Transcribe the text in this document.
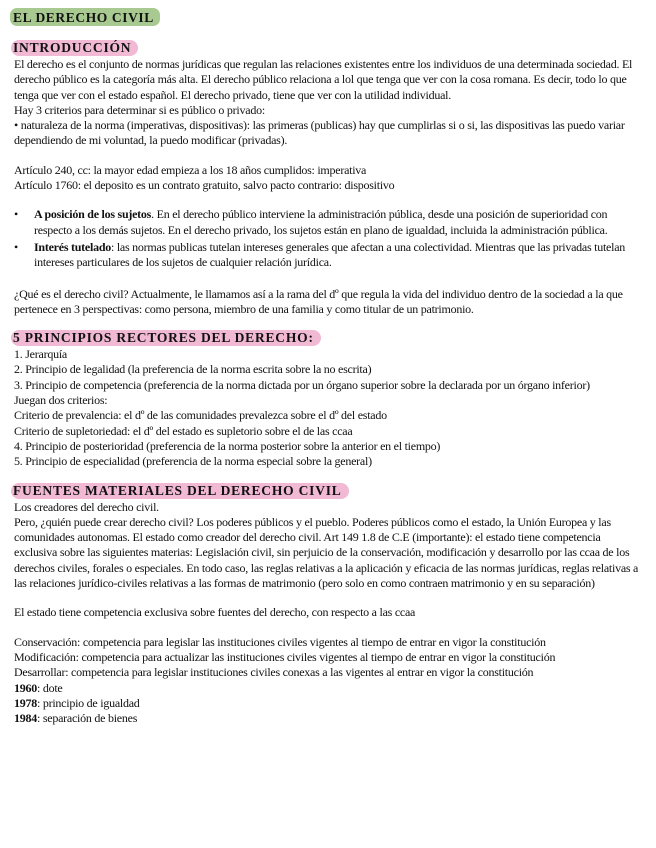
EL DERECHO CIVIL
INTRODUCCIÓN

El derecho es el conjunto de normas jurídicas que regulan las relaciones existentes entre los individuos de una determinada sociedad. El derecho público es la categoría más alta. El derecho público relaciona a lol que tenga que ver con la cosa romana. Es decir, todo lo que tenga que ver con el estado español. El derecho privado, tiene que ver con la utilidad individual.

Hay 3 criterios para determinar si es público o privado:

• naturaleza de la norma (imperativas, dispositivas): las primeras (publicas) hay que cumplirlas si o si, las dispositivas las puedo variar dependiendo de mi voluntad, la puedo modificar (privadas).

Artículo 240, cc: la mayor edad empieza a los 18 años cumplidos: imperativa

Artículo 1760: el deposito es un contrato gratuito, salvo pacto contrario: dispositivo

• A posición de los sujetos. En el derecho público interviene la administración pública, desde una posición de superioridad con respecto a los demás sujetos. En el derecho privado, los sujetos están en plano de igualdad, incluida la administración pública.
• Interés tutelado: las normas publicas tutelan intereses generales que afectan a una colectividad. Mientras que las privadas tutelan intereses particulares de los sujetos de cualquier relación jurídica.

¿Qué es el derecho civil? Actualmente, le llamamos así a la rama del dº que regula la vida del individuo dentro de la sociedad a la que pertenece en 3 perspectivas: como persona, miembro de una familia y como titular de un patrimonio.

5 PRINCIPIOS RECTORES DEL DERECHO:

1. Jerarquía

2. Principio de legalidad (la preferencia de la norma escrita sobre la no escrita)

3. Principio de competencia (preferencia de la norma dictada por un órgano superior sobre la declarada por un órgano inferior)

Juegan dos criterios:

Criterio de prevalencia: el dº de las comunidades prevalezca sobre el dº del estado

Criterio de supletoriedad: el dº del estado es supletorio sobre el de las ccaa

4. Principio de posterioridad (preferencia de la norma posterior sobre la anterior en el tiempo)

5. Principio de especialidad (preferencia de la norma especial sobre la general)

FUENTES MATERIALES DEL DERECHO CIVIL

Los creadores del derecho civil.

Pero, ¿quién puede crear derecho civil? Los poderes públicos y el pueblo. Poderes públicos como el estado, la Unión Europea y las comunidades autonomas. El estado como creador del derecho civil. Art 149 1.8 de C.E (importante): el estado tiene competencia exclusiva sobre las siguientes materias: Legislación civil, sin perjuicio de la conservación, modificación y desarrollo por las ccaa de los derechos civiles, forales o especiales. En todo caso, las reglas relativas a la aplicación y eficacia de las normas jurídicas, reglas relativas a las relaciones jurídico-civiles relativas a las formas de matrimonio (pero solo en como contraen matrimonio y en su separación)

El estado tiene competencia exclusiva sobre fuentes del derecho, con respecto a las ccaa

Conservación: competencia para legislar las instituciones civiles vigentes al tiempo de entrar en vigor la constitución

Modificación: competencia para actualizar las instituciones civiles vigentes al tiempo de entrar en vigor la constitución

Desarrollar: competencia para legislar instituciones civiles conexas a las vigentes al entrar en vigor la constitución

1960: dote

1978: principio de igualdad

1984: separación de bienes
